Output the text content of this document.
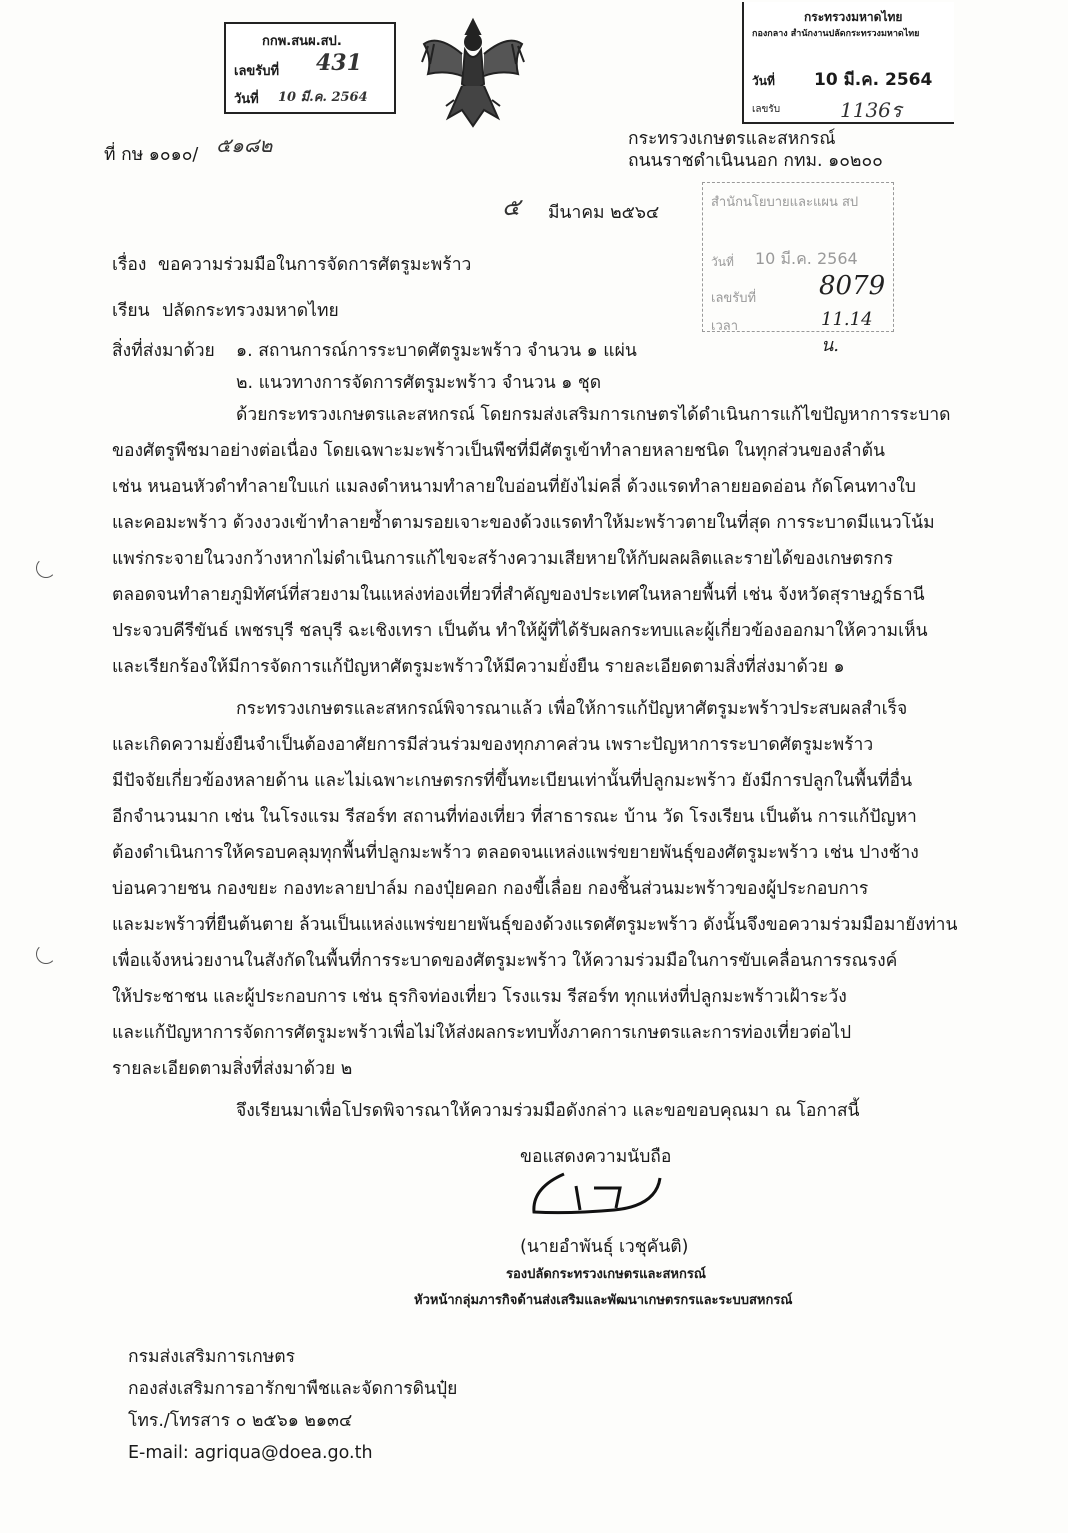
กกพ.สนผ.สป.
เลขรับที่ 431
วันที่ 10 มี.ค. 2564
กระทรวงมหาดไทย
กองกลาง สำนักงานปลัดกระทรวงมหาดไทย
วันที่ 10 มี.ค. 2564
เลขรับ	1136ร
สำนักนโยบายและแผน สป
วันที่ 10 มี.ค. 2564
เลขรับที่ 8079
เวลา	11.14 น.
ที่ กษ ๑๐๑๐/ ๕๑๘๒	กระทรวงเกษตรและสหกรณ์
ถนนราชดำเนินนอก กทม. ๑๐๒๐๐
๕ มีนาคม ๒๕๖๔
เรื่อง ขอความร่วมมือในการจัดการศัตรูมะพร้าว
เรียน ปลัดกระทรวงมหาดไทย
สิ่งที่ส่งมาด้วย ๑. สถานการณ์การระบาดศัตรูมะพร้าว จำนวน ๑ แผ่น
๒. แนวทางการจัดการศัตรูมะพร้าว จำนวน ๑ ชุด
ด้วยกระทรวงเกษตรและสหกรณ์ โดยกรมส่งเสริมการเกษตรได้ดำเนินการแก้ไขปัญหาการระบาด
ของศัตรูพืชมาอย่างต่อเนื่อง โดยเฉพาะมะพร้าวเป็นพืชที่มีศัตรูเข้าทำลายหลายชนิด ในทุกส่วนของลำต้น
เช่น หนอนหัวดำทำลายใบแก่ แมลงดำหนามทำลายใบอ่อนที่ยังไม่คลี่ ด้วงแรดทำลายยอดอ่อน กัดโคนทางใบ
และคอมะพร้าว ด้วงงวงเข้าทำลายซ้ำตามรอยเจาะของด้วงแรดทำให้มะพร้าวตายในที่สุด การระบาดมีแนวโน้ม
แพร่กระจายในวงกว้างหากไม่ดำเนินการแก้ไขจะสร้างความเสียหายให้กับผลผลิตและรายได้ของเกษตรกร
ตลอดจนทำลายภูมิทัศน์ที่สวยงามในแหล่งท่องเที่ยวที่สำคัญของประเทศในหลายพื้นที่ เช่น จังหวัดสุราษฎร์ธานี
ประจวบคีรีขันธ์ เพชรบุรี ชลบุรี ฉะเชิงเทรา เป็นต้น ทำให้ผู้ที่ได้รับผลกระทบและผู้เกี่ยวข้องออกมาให้ความเห็น
และเรียกร้องให้มีการจัดการแก้ปัญหาศัตรูมะพร้าวให้มีความยั่งยืน รายละเอียดตามสิ่งที่ส่งมาด้วย ๑
กระทรวงเกษตรและสหกรณ์พิจารณาแล้ว เพื่อให้การแก้ปัญหาศัตรูมะพร้าวประสบผลสำเร็จ
และเกิดความยั่งยืนจำเป็นต้องอาศัยการมีส่วนร่วมของทุกภาคส่วน เพราะปัญหาการระบาดศัตรูมะพร้าว
มีปัจจัยเกี่ยวข้องหลายด้าน และไม่เฉพาะเกษตรกรที่ขึ้นทะเบียนเท่านั้นที่ปลูกมะพร้าว ยังมีการปลูกในพื้นที่อื่น
อีกจำนวนมาก เช่น ในโรงแรม รีสอร์ท สถานที่ท่องเที่ยว ที่สาธารณะ บ้าน วัด โรงเรียน เป็นต้น การแก้ปัญหา
ต้องดำเนินการให้ครอบคลุมทุกพื้นที่ปลูกมะพร้าว ตลอดจนแหล่งแพร่ขยายพันธุ์ของศัตรูมะพร้าว เช่น ปางช้าง
บ่อนควายชน กองขยะ กองทะลายปาล์ม กองปุ๋ยคอก กองขี้เลื่อย กองชิ้นส่วนมะพร้าวของผู้ประกอบการ
และมะพร้าวที่ยืนต้นตาย ล้วนเป็นแหล่งแพร่ขยายพันธุ์ของด้วงแรดศัตรูมะพร้าว ดังนั้นจึงขอความร่วมมือมายังท่าน
เพื่อแจ้งหน่วยงานในสังกัดในพื้นที่การระบาดของศัตรูมะพร้าว ให้ความร่วมมือในการขับเคลื่อนการรณรงค์
ให้ประชาชน และผู้ประกอบการ เช่น ธุรกิจท่องเที่ยว โรงแรม รีสอร์ท ทุกแห่งที่ปลูกมะพร้าวเฝ้าระวัง
และแก้ปัญหาการจัดการศัตรูมะพร้าวเพื่อไม่ให้ส่งผลกระทบทั้งภาคการเกษตรและการท่องเที่ยวต่อไป
รายละเอียดตามสิ่งที่ส่งมาด้วย ๒
จึงเรียนมาเพื่อโปรดพิจารณาให้ความร่วมมือดังกล่าว และขอขอบคุณมา ณ โอกาสนี้
ขอแสดงความนับถือ
(นายอำพันธุ์ เวชุคันติ)
รองปลัดกระทรวงเกษตรและสหกรณ์
หัวหน้ากลุ่มภารกิจด้านส่งเสริมและพัฒนาเกษตรกรและระบบสหกรณ์
กรมส่งเสริมการเกษตร
กองส่งเสริมการอารักขาพืชและจัดการดินปุ๋ย
โทร./โทรสาร ๐ ๒๕๖๑ ๒๑๓๔
E-mail: agriqua@doea.go.th
